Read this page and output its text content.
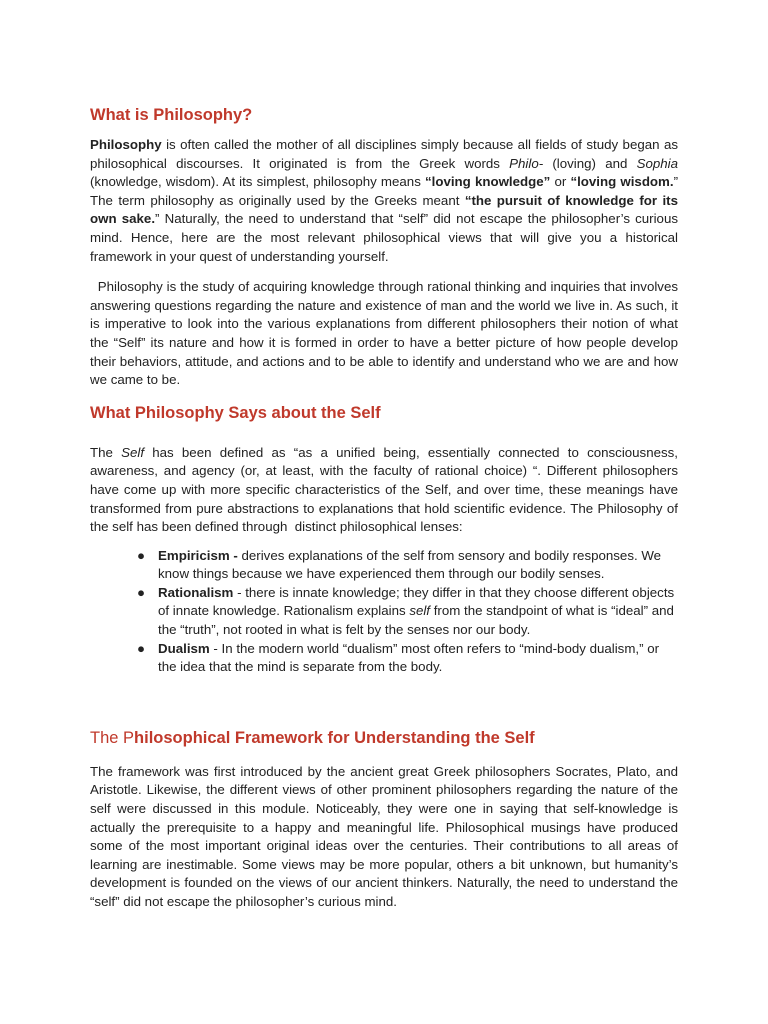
What is Philosophy?

Philosophy is often called the mother of all disciplines simply because all fields of study began as philosophical discourses. It originated is from the Greek words Philo- (loving) and Sophia (knowledge, wisdom). At its simplest, philosophy means “loving knowledge” or “loving wisdom.” The term philosophy as originally used by the Greeks meant “the pursuit of knowledge for its own sake.” Naturally, the need to understand that “self” did not escape the philosopher’s curious mind. Hence, here are the most relevant philosophical views that will give you a historical framework in your quest of understanding yourself.

Philosophy is the study of acquiring knowledge through rational thinking and inquiries that involves answering questions regarding the nature and existence of man and the world we live in. As such, it is imperative to look into the various explanations from different philosophers their notion of what the “Self” its nature and how it is formed in order to have a better picture of how people develop their behaviors, attitude, and actions and to be able to identify and understand who we are and how we came to be.

What Philosophy Says about the Self

The Self has been defined as “as a unified being, essentially connected to consciousness, awareness, and agency (or, at least, with the faculty of rational choice) “. Different philosophers have come up with more specific characteristics of the Self, and over time, these meanings have transformed from pure abstractions to explanations that hold scientific evidence. The Philosophy of the self has been defined through  distinct philosophical lenses:

● Empiricism - derives explanations of the self from sensory and bodily responses. We know things because we have experienced them through our bodily senses.
● Rationalism - there is innate knowledge; they differ in that they choose different objects of innate knowledge. Rationalism explains self from the standpoint of what is “ideal” and the “truth”, not rooted in what is felt by the senses nor our body.
● Dualism - In the modern world “dualism” most often refers to “mind-body dualism,” or the idea that the mind is separate from the body.
The Philosophical Framework for Understanding the Self

The framework was first introduced by the ancient great Greek philosophers Socrates, Plato, and Aristotle. Likewise, the different views of other prominent philosophers regarding the nature of the self were discussed in this module. Noticeably, they were one in saying that self-knowledge is actually the prerequisite to a happy and meaningful life. Philosophical musings have produced some of the most important original ideas over the centuries. Their contributions to all areas of learning are inestimable. Some views may be more popular, others a bit unknown, but humanity’s development is founded on the views of our ancient thinkers. Naturally, the need to understand the “self” did not escape the philosopher’s curious mind.
